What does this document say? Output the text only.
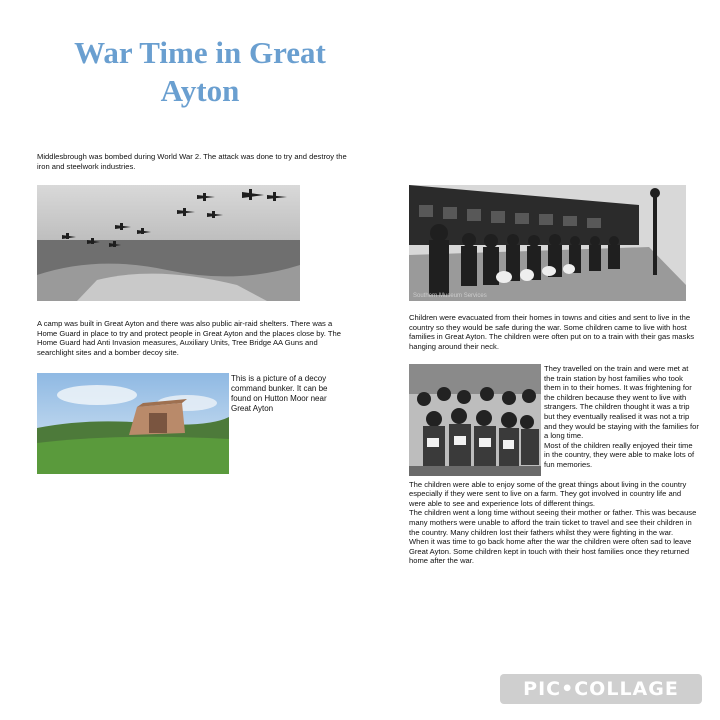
War Time in Great Ayton
Middlesbrough was bombed during World War 2. The attack was done to try and destroy the iron and steelwork industries.
A camp was built in Great Ayton and there was also public air-raid shelters. There was a Home Guard in place to try and protect people in Great Ayton and the places close by. The Home Guard had Anti Invasion measures, Auxiliary Units, Tree Bridge AA Guns and searchlight sites and a bomber decoy site.
This is a picture of a decoy command bunker. It can be found on Hutton Moor near Great Ayton
Southern Museum Services
Children were evacuated from their homes in towns and cities and sent to live in the country so they would be safe during the war. Some children came to live with host families in Great Ayton. The children were often put on to a train with their gas masks hanging around their neck.
They travelled on the train and were met at the train station by host families who took them in to their homes. It was frightening for the children because they went to live with strangers. The children thought it was a trip but they eventually realised it was not a trip and they would be staying with the families for a long time.
Most of the children really enjoyed their time in the country, they were able to make lots of fun memories.
The children were able to enjoy some of the great things about living in the country especially if they were sent to live on a farm. They got involved in country life and were able to see and experience lots of different things.
The children went a long time without seeing their mother or father. This was because many mothers were unable to afford the train ticket to travel and see their children in the country. Many children lost their fathers whilst they were fighting in the war.
When it was time to go back home after the war the children were often sad to leave Great Ayton. Some children kept in touch with their host families once they returned home after the war.
PIC•COLLAGE
